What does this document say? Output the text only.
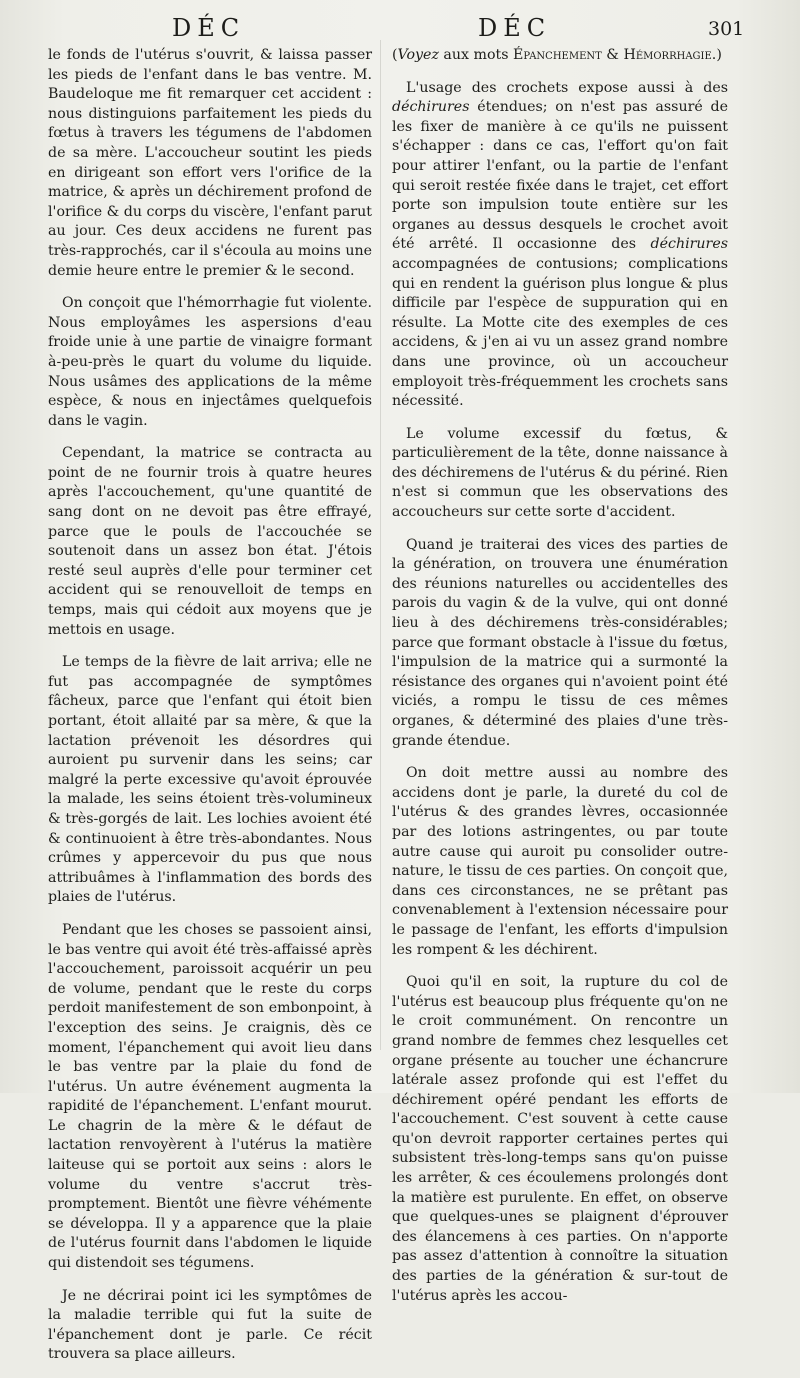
DÉC	DÉC	301

le fonds de l'utérus s'ouvrit, & laissa passer les pieds de l'enfant dans le bas ventre. M. Baudeloque me fit remarquer cet accident : nous distinguions parfaitement les pieds du fœtus à travers les tégumens de l'abdomen de sa mère. L'accoucheur soutint les pieds en dirigeant son effort vers l'orifice de la matrice, & après un déchirement profond de l'orifice & du corps du viscère, l'enfant parut au jour. Ces deux accidens ne furent pas très-rapprochés, car il s'écoula au moins une demie heure entre le premier & le second.

On conçoit que l'hémorrhagie fut violente. Nous employâmes les aspersions d'eau froide unie à une partie de vinaigre formant à-peu-près le quart du volume du liquide. Nous usâmes des applications de la même espèce, & nous en injectâmes quelquefois dans le vagin.

Cependant, la matrice se contracta au point de ne fournir trois à quatre heures après l'accouchement, qu'une quantité de sang dont on ne devoit pas être effrayé, parce que le pouls de l'accouchée se soutenoit dans un assez bon état. J'étois resté seul auprès d'elle pour terminer cet accident qui se renouvelloit de temps en temps, mais qui cédoit aux moyens que je mettois en usage.

Le temps de la fièvre de lait arriva; elle ne fut pas accompagnée de symptômes fâcheux, parce que l'enfant qui étoit bien portant, étoit allaité par sa mère, & que la lactation prévenoit les désordres qui auroient pu survenir dans les seins; car malgré la perte excessive qu'avoit éprouvée la malade, les seins étoient très-volumineux & très-gorgés de lait. Les lochies avoient été & continuoient à être très-abondantes. Nous crûmes y appercevoir du pus que nous attribuâmes à l'inflammation des bords des plaies de l'utérus.

Pendant que les choses se passoient ainsi, le bas ventre qui avoit été très-affaissé après l'accouchement, paroissoit acquérir un peu de volume, pendant que le reste du corps perdoit manifestement de son embonpoint, à l'exception des seins. Je craignis, dès ce moment, l'épanchement qui avoit lieu dans le bas ventre par la plaie du fond de l'utérus. Un autre événement augmenta la rapidité de l'épanchement. L'enfant mourut. Le chagrin de la mère & le défaut de lactation renvoyèrent à l'utérus la matière laiteuse qui se portoit aux seins : alors le volume du ventre s'accrut très-promptement. Bientôt une fièvre véhémente se développa. Il y a apparence que la plaie de l'utérus fournit dans l'abdomen le liquide qui distendoit ses tégumens.

Je ne décrirai point ici les symptômes de la maladie terrible qui fut la suite de l'épanchement dont je parle. Ce récit trouvera sa place ailleurs.

(Voyez aux mots Épanchement & Hémorrhagie.)

L'usage des crochets expose aussi à des déchirures étendues; on n'est pas assuré de les fixer de manière à ce qu'ils ne puissent s'échapper : dans ce cas, l'effort qu'on fait pour attirer l'enfant, ou la partie de l'enfant qui seroit restée fixée dans le trajet, cet effort porte son impulsion toute entière sur les organes au dessus desquels le crochet avoit été arrêté. Il occasionne des déchirures accompagnées de contusions; complications qui en rendent la guérison plus longue & plus difficile par l'espèce de suppuration qui en résulte. La Motte cite des exemples de ces accidens, & j'en ai vu un assez grand nombre dans une province, où un accoucheur employoit très-fréquemment les crochets sans nécessité.

Le volume excessif du fœtus, & particulièrement de la tête, donne naissance à des déchiremens de l'utérus & du périné. Rien n'est si commun que les observations des accoucheurs sur cette sorte d'accident.

Quand je traiterai des vices des parties de la génération, on trouvera une énumération des réunions naturelles ou accidentelles des parois du vagin & de la vulve, qui ont donné lieu à des déchiremens très-considérables; parce que formant obstacle à l'issue du fœtus, l'impulsion de la matrice qui a surmonté la résistance des organes qui n'avoient point été viciés, a rompu le tissu de ces mêmes organes, & déterminé des plaies d'une très-grande étendue.

On doit mettre aussi au nombre des accidens dont je parle, la dureté du col de l'utérus & des grandes lèvres, occasionnée par des lotions astringentes, ou par toute autre cause qui auroit pu consolider outre-nature, le tissu de ces parties. On conçoit que, dans ces circonstances, ne se prêtant pas convenablement à l'extension nécessaire pour le passage de l'enfant, les efforts d'impulsion les rompent & les déchirent.

Quoi qu'il en soit, la rupture du col de l'utérus est beaucoup plus fréquente qu'on ne le croit communément. On rencontre un grand nombre de femmes chez lesquelles cet organe présente au toucher une échancrure latérale assez profonde qui est l'effet du déchirement opéré pendant les efforts de l'accouchement. C'est souvent à cette cause qu'on devroit rapporter certaines pertes qui subsistent très-long-temps sans qu'on puisse les arrêter, & ces écoulemens prolongés dont la matière est purulente. En effet, on observe que quelques-unes se plaignent d'éprouver des élancemens à ces parties. On n'apporte pas assez d'attention à connoître la situation des parties de la génération & sur-tout de l'utérus après les accou-
